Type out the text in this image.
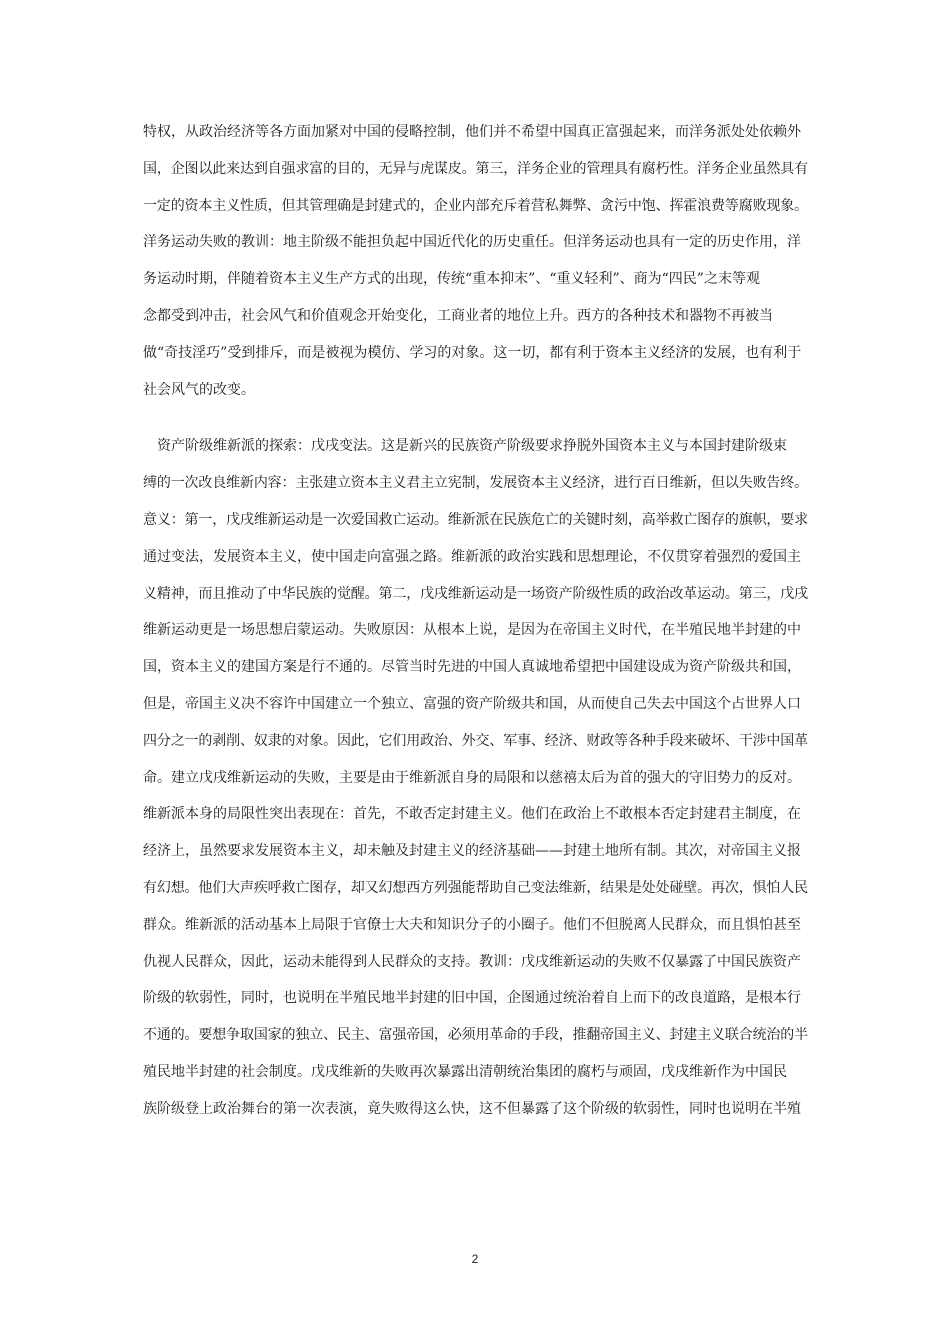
特权，从政治经济等各方面加紧对中国的侵略控制，他们并不希望中国真正富强起来，而洋务派处处依赖外
国，企图以此来达到自强求富的目的，无异与虎谋皮。第三，洋务企业的管理具有腐朽性。洋务企业虽然具有
一定的资本主义性质，但其管理确是封建式的，企业内部充斥着营私舞弊、贪污中饱、挥霍浪费等腐败现象。
洋务运动失败的教训：地主阶级不能担负起中国近代化的历史重任。但洋务运动也具有一定的历史作用，洋
务运动时期，伴随着资本主义生产方式的出现，传统“重本抑末”、“重义轻利”、商为“四民”之末等观
念都受到冲击，社会风气和价值观念开始变化，工商业者的地位上升。西方的各种技术和器物不再被当
做“奇技淫巧”受到排斥，而是被视为模仿、学习的对象。这一切，都有利于资本主义经济的发展，也有利于
社会风气的改变。
资产阶级维新派的探索：戊戌变法。这是新兴的民族资产阶级要求挣脱外国资本主义与本国封建阶级束
缚的一次改良维新内容：主张建立资本主义君主立宪制，发展资本主义经济，进行百日维新，但以失败告终。
意义：第一，戊戌维新运动是一次爱国救亡运动。维新派在民族危亡的关键时刻，高举救亡图存的旗帜，要求
通过变法，发展资本主义，使中国走向富强之路。维新派的政治实践和思想理论，不仅贯穿着强烈的爱国主
义精神，而且推动了中华民族的觉醒。第二，戊戌维新运动是一场资产阶级性质的政治改革运动。第三，戊戌
维新运动更是一场思想启蒙运动。失败原因：从根本上说，是因为在帝国主义时代，在半殖民地半封建的中
国，资本主义的建国方案是行不通的。尽管当时先进的中国人真诚地希望把中国建设成为资产阶级共和国，
但是，帝国主义决不容许中国建立一个独立、富强的资产阶级共和国，从而使自己失去中国这个占世界人口
四分之一的剥削、奴隶的对象。因此，它们用政治、外交、军事、经济、财政等各种手段来破坏、干涉中国革
命。建立戊戌维新运动的失败，主要是由于维新派自身的局限和以慈禧太后为首的强大的守旧势力的反对。
维新派本身的局限性突出表现在：首先，不敢否定封建主义。他们在政治上不敢根本否定封建君主制度，在
经济上，虽然要求发展资本主义，却未触及封建主义的经济基础——封建土地所有制。其次，对帝国主义报
有幻想。他们大声疾呼救亡图存，却又幻想西方列强能帮助自己变法维新，结果是处处碰壁。再次，惧怕人民
群众。维新派的活动基本上局限于官僚士大夫和知识分子的小圈子。他们不但脱离人民群众，而且惧怕甚至
仇视人民群众，因此，运动未能得到人民群众的支持。教训：戊戌维新运动的失败不仅暴露了中国民族资产
阶级的软弱性，同时，也说明在半殖民地半封建的旧中国，企图通过统治着自上而下的改良道路，是根本行
不通的。要想争取国家的独立、民主、富强帝国，必须用革命的手段，推翻帝国主义、封建主义联合统治的半
殖民地半封建的社会制度。戊戌维新的失败再次暴露出清朝统治集团的腐朽与顽固，戊戌维新作为中国民
族阶级登上政治舞台的第一次表演，竟失败得这么快，这不但暴露了这个阶级的软弱性，同时也说明在半殖
2
